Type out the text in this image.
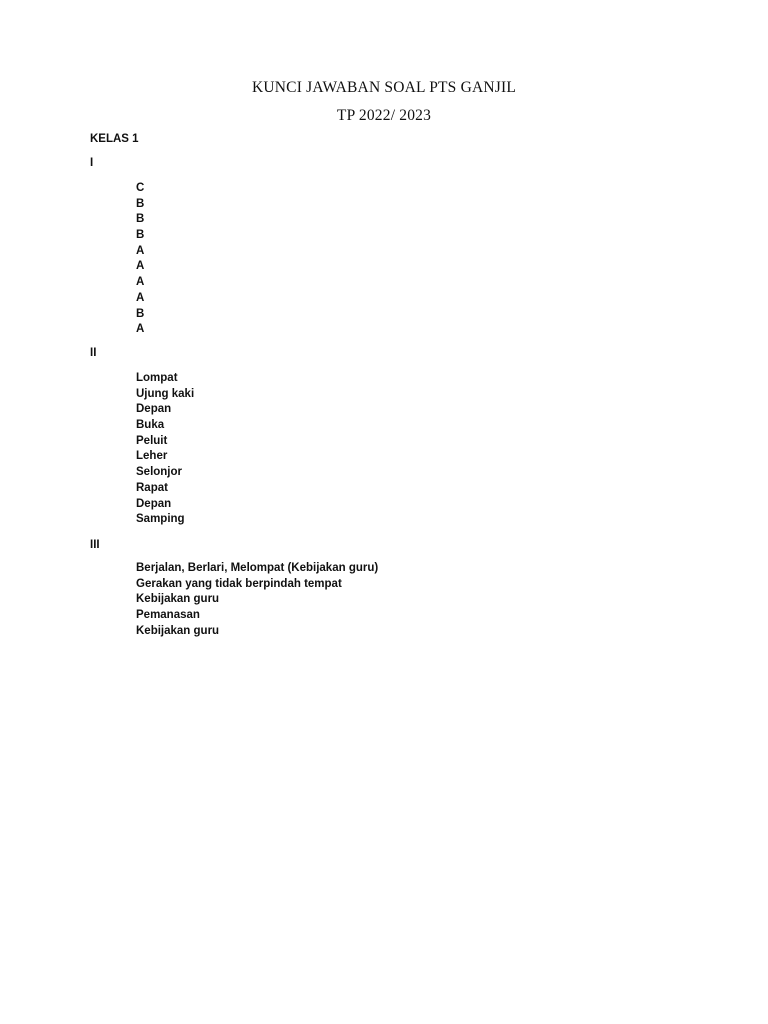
KUNCI JAWABAN SOAL PTS GANJIL
TP 2022/ 2023
KELAS 1
I
C
B
B
B
A
A
A
A
B
A
II
Lompat
Ujung kaki
Depan
Buka
Peluit
Leher
Selonjor
Rapat
Depan
Samping
III
Berjalan, Berlari, Melompat (Kebijakan guru)
Gerakan yang tidak berpindah tempat
Kebijakan guru
Pemanasan
Kebijakan guru
